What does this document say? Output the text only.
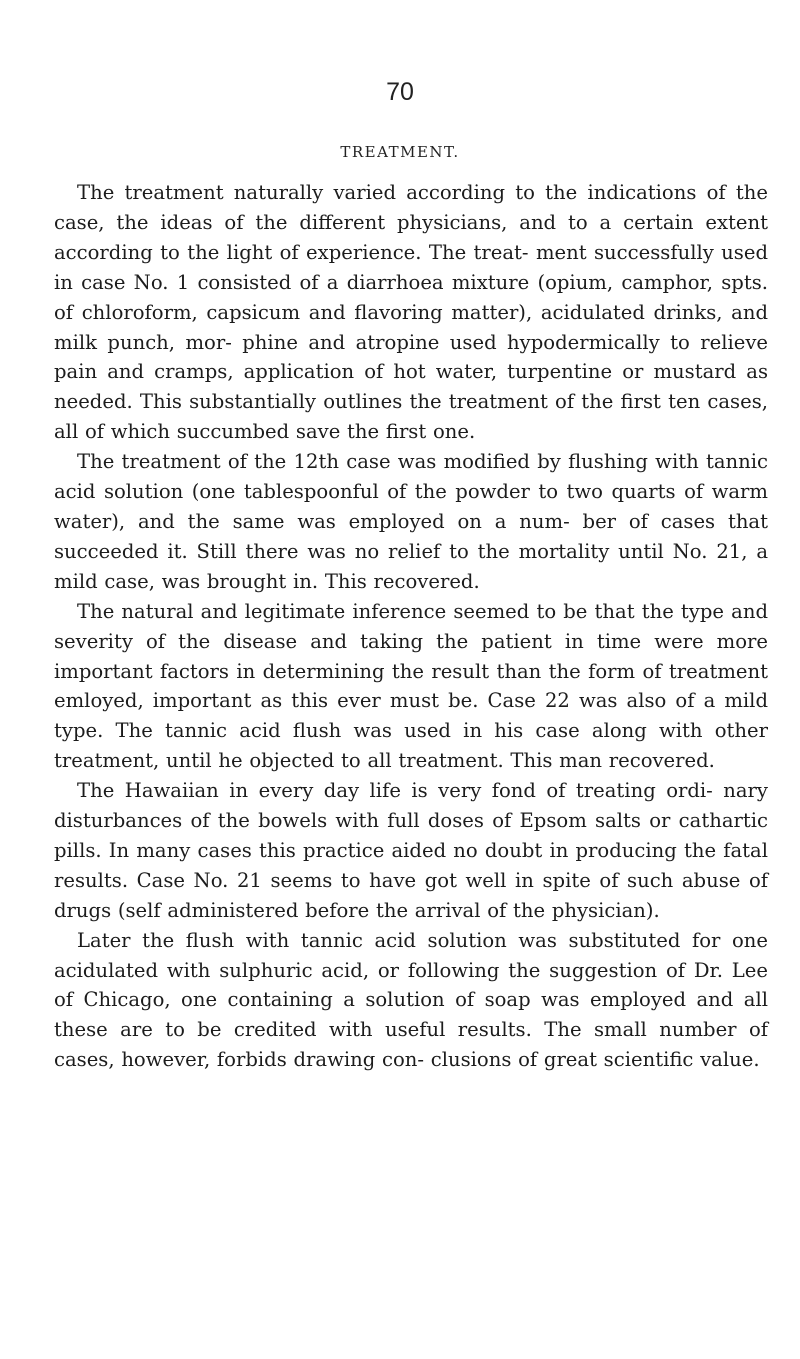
70
TREATMENT.

The treatment naturally varied according to the indications of the case, the ideas of the different physicians, and to a certain extent according to the light of experience. The treat- ment successfully used in case No. 1 consisted of a diarrhoea mixture (opium, camphor, spts. of chloroform, capsicum and flavoring matter), acidulated drinks, and milk punch, mor- phine and atropine used hypodermically to relieve pain and cramps, application of hot water, turpentine or mustard as needed. This substantially outlines the treatment of the first ten cases, all of which succumbed save the first one.

The treatment of the 12th case was modified by flushing with tannic acid solution (one tablespoonful of the powder to two quarts of warm water), and the same was employed on a num- ber of cases that succeeded it. Still there was no relief to the mortality until No. 21, a mild case, was brought in. This recovered.

The natural and legitimate inference seemed to be that the type and severity of the disease and taking the patient in time were more important factors in determining the result than the form of treatment emloyed, important as this ever must be. Case 22 was also of a mild type. The tannic acid flush was used in his case along with other treatment, until he objected to all treatment. This man recovered.

The Hawaiian in every day life is very fond of treating ordi- nary disturbances of the bowels with full doses of Epsom salts or cathartic pills. In many cases this practice aided no doubt in producing the fatal results. Case No. 21 seems to have got well in spite of such abuse of drugs (self administered before the arrival of the physician).

Later the flush with tannic acid solution was substituted for one acidulated with sulphuric acid, or following the suggestion of Dr. Lee of Chicago, one containing a solution of soap was employed and all these are to be credited with useful results. The small number of cases, however, forbids drawing con- clusions of great scientific value.
